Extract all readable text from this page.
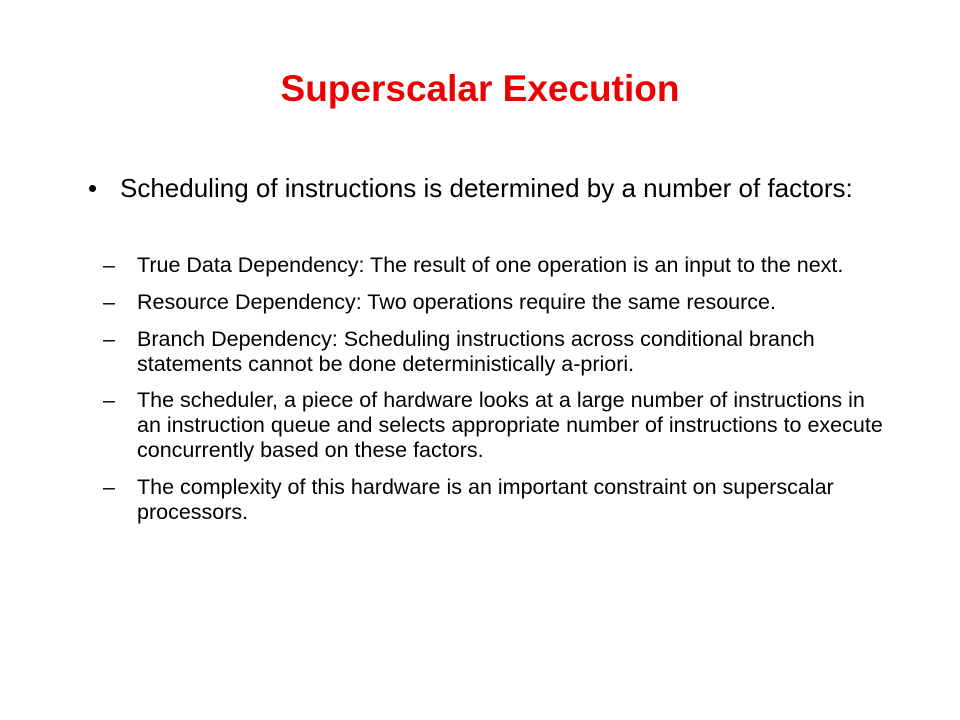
Superscalar Execution
• Scheduling of instructions is determined by a number of factors:
–	True Data Dependency: The result of one operation is an input to the next.
–	Resource Dependency: Two operations require the same resource.
–	Branch Dependency: Scheduling instructions across conditional branch statements cannot be done deterministically a-priori.
–	The scheduler, a piece of hardware looks at a large number of instructions in an instruction queue and selects appropriate number of instructions to execute concurrently based on these factors.
–	The complexity of this hardware is an important constraint on superscalar processors.
